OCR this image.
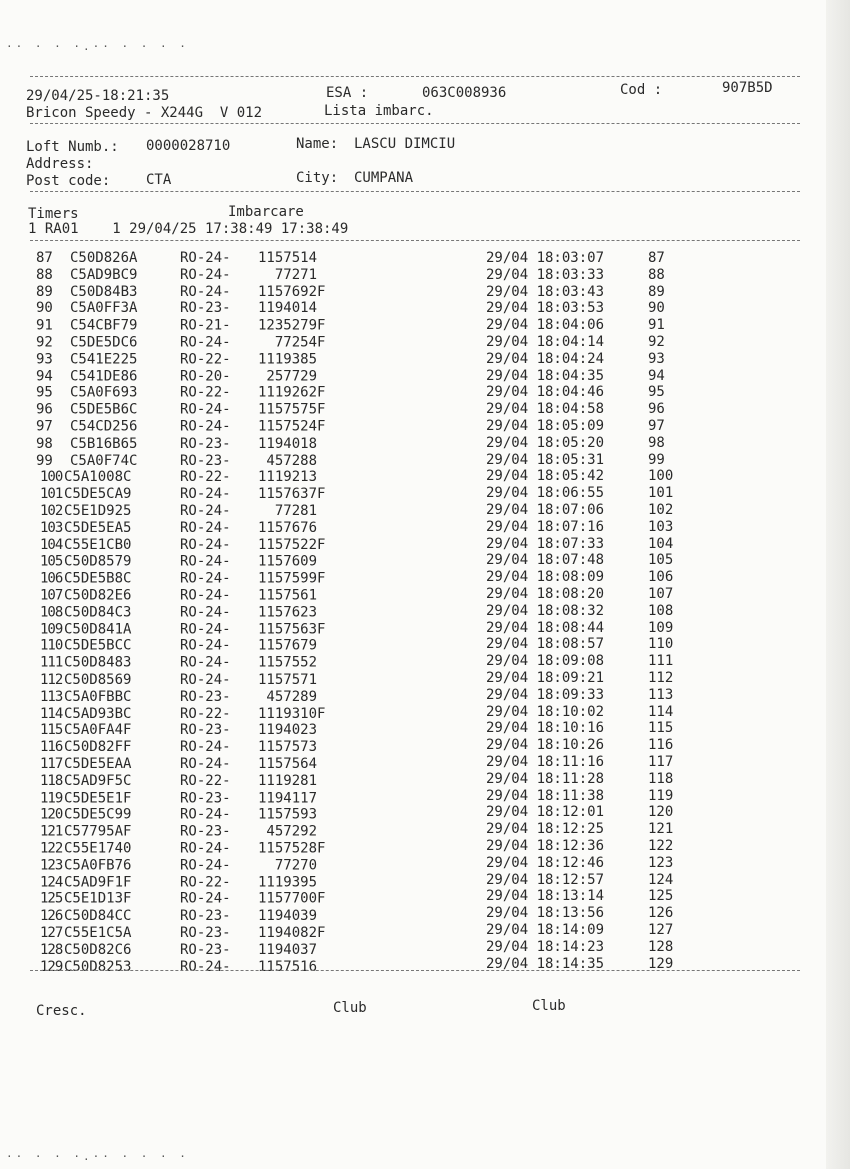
·· · · ·.·· · · · ·
·· · · ·.·· · · · ·
29/04/25-18:21:35	ESA :	063C008936	Cod :	907B5D
Bricon Speedy - X244G  V 012	Lista imbarc.
Loft Numb.: 0000028710	Name: LASCU DIMCIU
Address:
Post code:	CTA	City: CUMPANA
Timers	Imbarcare
1 RA01    1 29/04/25 17:38:49 17:38:49
87 C50D826A	RO-24- 1157514	29/04 18:03:07	87
88 C5AD9BC9	RO-24- 77271	29/04 18:03:33	88
89 C50D84B3	RO-24- 1157692F	29/04 18:03:43	89
90 C5A0FF3A	RO-23- 1194014	29/04 18:03:53	90
91 C54CBF79	RO-21- 1235279F	29/04 18:04:06	91
92 C5DE5DC6	RO-24- 77254F	29/04 18:04:14	92
93 C541E225	RO-22- 1119385	29/04 18:04:24	93
94 C541DE86	RO-20- 257729	29/04 18:04:35	94
95 C5A0F693	RO-22- 1119262F	29/04 18:04:46	95
96 C5DE5B6C	RO-24- 1157575F	29/04 18:04:58	96
97 C54CD256	RO-24- 1157524F	29/04 18:05:09	97
98 C5B16B65	RO-23- 1194018	29/04 18:05:20	98
99 C5A0F74C	RO-23- 457288	29/04 18:05:31	99
100 C5A1008C	RO-22- 1119213	29/04 18:05:42	100
101 C5DE5CA9	RO-24- 1157637F	29/04 18:06:55	101
102 C5E1D925	RO-24- 77281	29/04 18:07:06	102
103 C5DE5EA5	RO-24- 1157676	29/04 18:07:16	103
104 C55E1CB0	RO-24- 1157522F	29/04 18:07:33	104
105 C50D8579	RO-24- 1157609	29/04 18:07:48	105
106 C5DE5B8C	RO-24- 1157599F	29/04 18:08:09	106
107 C50D82E6	RO-24- 1157561	29/04 18:08:20	107
108 C50D84C3	RO-24- 1157623	29/04 18:08:32	108
109 C50D841A	RO-24- 1157563F	29/04 18:08:44	109
110 C5DE5BCC	RO-24- 1157679	29/04 18:08:57	110
111 C50D8483	RO-24- 1157552	29/04 18:09:08	111
112 C50D8569	RO-24- 1157571	29/04 18:09:21	112
113 C5A0FBBC	RO-23- 457289	29/04 18:09:33	113
114 C5AD93BC	RO-22- 1119310F	29/04 18:10:02	114
115 C5A0FA4F	RO-23- 1194023	29/04 18:10:16	115
116 C50D82FF	RO-24- 1157573	29/04 18:10:26	116
117 C5DE5EAA	RO-24- 1157564	29/04 18:11:16	117
118 C5AD9F5C	RO-22- 1119281	29/04 18:11:28	118
119 C5DE5E1F	RO-23- 1194117	29/04 18:11:38	119
120 C5DE5C99	RO-24- 1157593	29/04 18:12:01	120
121 C57795AF	RO-23- 457292	29/04 18:12:25	121
122 C55E1740	RO-24- 1157528F	29/04 18:12:36	122
123 C5A0FB76	RO-24- 77270	29/04 18:12:46	123
124 C5AD9F1F	RO-22- 1119395	29/04 18:12:57	124
125 C5E1D13F	RO-24- 1157700F	29/04 18:13:14	125
126 C50D84CC	RO-23- 1194039	29/04 18:13:56	126
127 C55E1C5A	RO-23- 1194082F	29/04 18:14:09	127
128 C50D82C6	RO-23- 1194037	29/04 18:14:23	128
129 C50D8253	RO-24- 1157516	29/04 18:14:35	129
Cresc.	Club	Club
